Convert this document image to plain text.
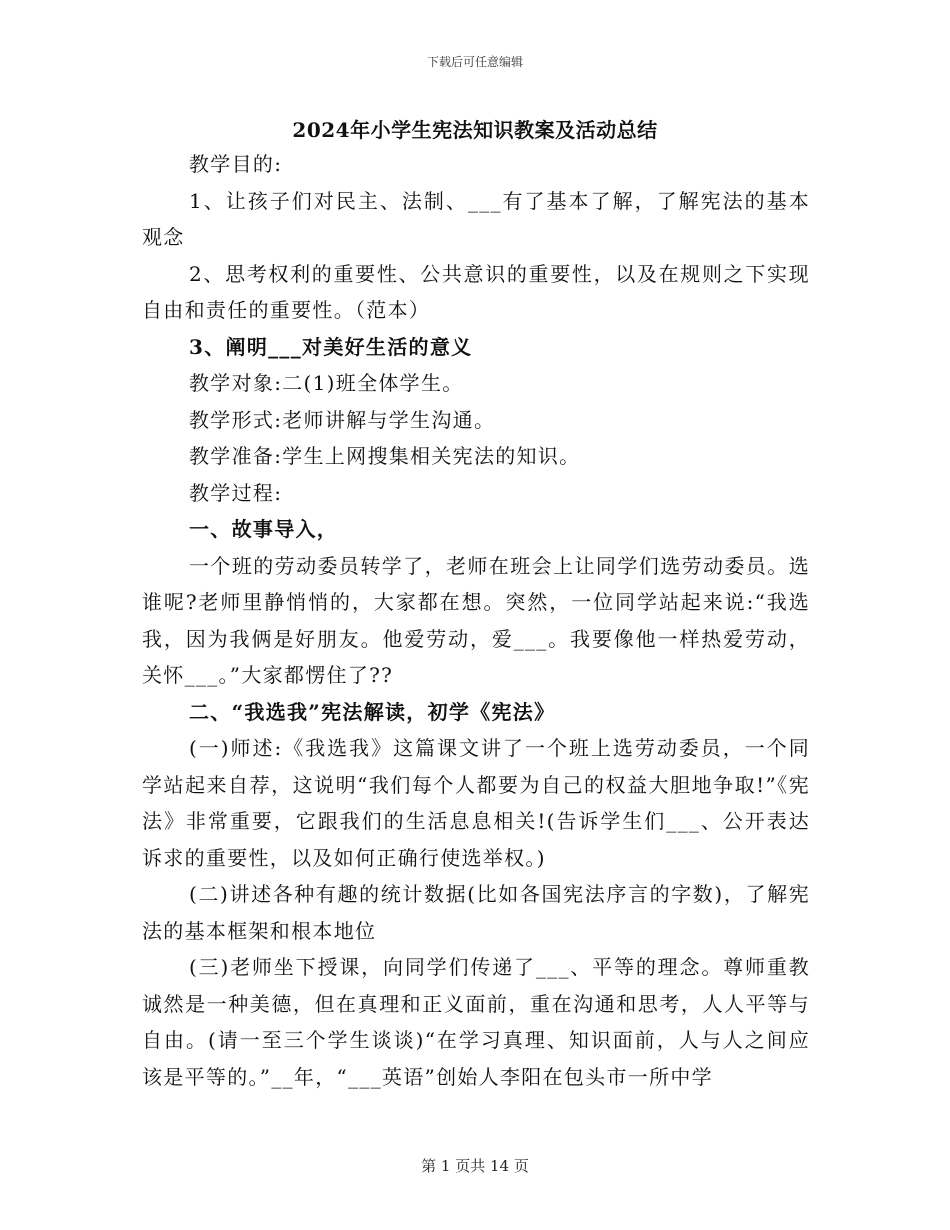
下载后可任意编辑
2024年小学生宪法知识教案及活动总结

教学目的:

1、让孩子们对民主、法制、___有了基本了解，了解宪法的基本观念

2、思考权利的重要性、公共意识的重要性，以及在规则之下实现自由和责任的重要性。（范本）

3、阐明___对美好生活的意义

教学对象:二(1)班全体学生。

教学形式:老师讲解与学生沟通。

教学准备:学生上网搜集相关宪法的知识。

教学过程:

一、故事导入，

一个班的劳动委员转学了，老师在班会上让同学们选劳动委员。选谁呢?老师里静悄悄的，大家都在想。突然，一位同学站起来说:“我选我，因为我俩是好朋友。他爱劳动，爱___。我要像他一样热爱劳动，关怀___。”大家都愣住了??

二、“我选我”宪法解读，初学《宪法》

(一)师述:《我选我》这篇课文讲了一个班上选劳动委员，一个同学站起来自荐，这说明“我们每个人都要为自己的权益大胆地争取!”《宪法》非常重要，它跟我们的生活息息相关!(告诉学生们___、公开表达诉求的重要性，以及如何正确行使选举权。)

(二)讲述各种有趣的统计数据(比如各国宪法序言的字数)，了解宪法的基本框架和根本地位

(三)老师坐下授课，向同学们传递了___、平等的理念。尊师重教诚然是一种美德，但在真理和正义面前，重在沟通和思考，人人平等与自由。(请一至三个学生谈谈)“在学习真理、知识面前，人与人之间应该是平等的。”__年，“___英语”创始人李阳在包头市一所中学

第 1 页共 14 页
